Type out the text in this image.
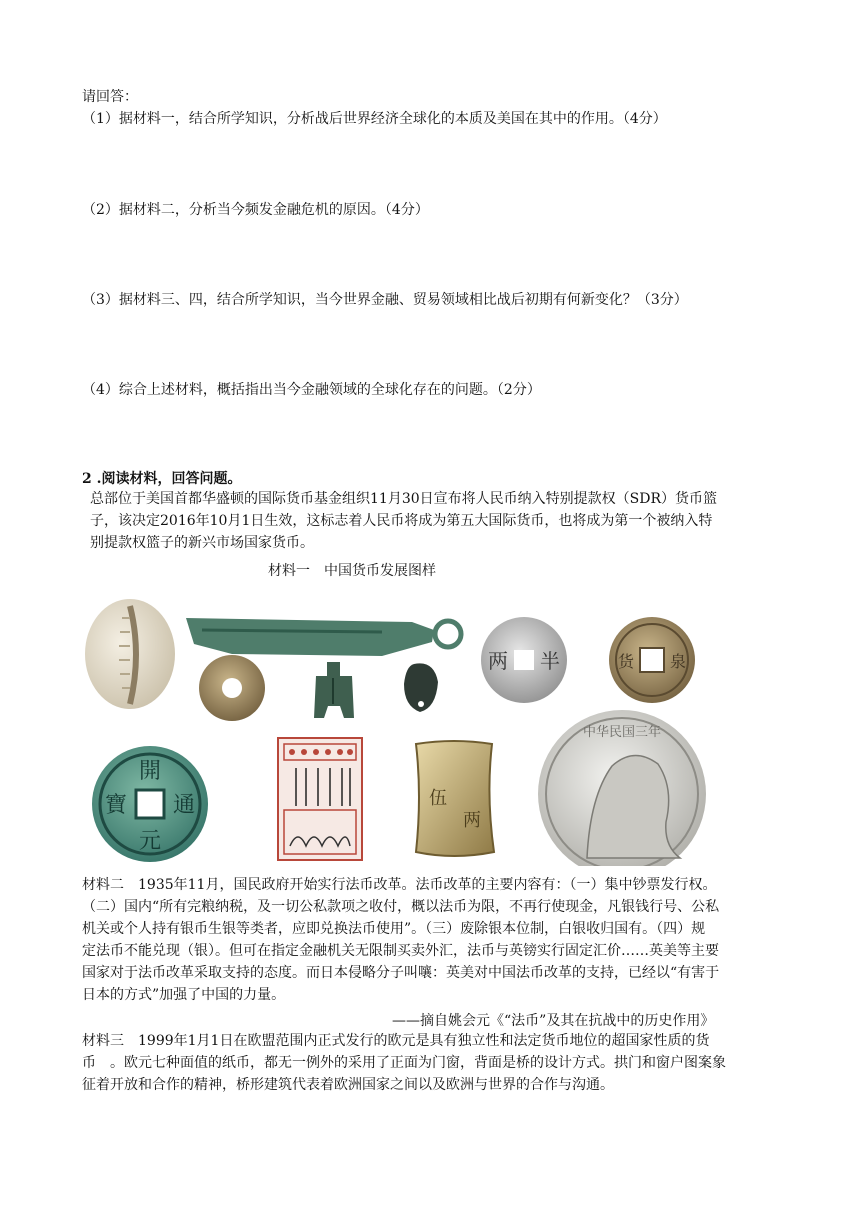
请回答：
（1）据材料一，结合所学知识，分析战后世界经济全球化的本质及美国在其中的作用。（4分）
（2）据材料二，分析当今频发金融危机的原因。（4分）
（3）据材料三、四，结合所学知识，当今世界金融、贸易领域相比战后初期有何新变化？（3分）
（4）综合上述材料，概括指出当今金融领域的全球化存在的问题。（2分）
2 .阅读材料，回答问题。
总部位于美国首都华盛顿的国际货币基金组织11月30日宣布将人民币纳入特别提款权（SDR）货币篮
子，该决定2016年10月1日生效，这标志着人民币将成为第五大国际货币，也将成为第一个被纳入特
别提款权篮子的新兴市场国家货币。
材料一　中国货币发展图样
两 半	货 泉
開
元
通
寶	伍
两
中华民国三年
材料二　1935年11月，国民政府开始实行法币改革。法币改革的主要内容有：（一）集中钞票发行权。
（二）国内“所有完粮纳税，及一切公私款项之收付，概以法币为限，不再行使现金，凡银钱行号、公私
机关或个人持有银币生银等类者，应即兑换法币使用”。（三）废除银本位制，白银收归国有。（四）规
定法币不能兑现（银）。但可在指定金融机关无限制买卖外汇，法币与英镑实行固定汇价……英美等主要
国家对于法币改革采取支持的态度。而日本侵略分子叫嚷：英美对中国法币改革的支持，已经以“有害于
日本的方式”加强了中国的力量。
——摘自姚会元《“法币”及其在抗战中的历史作用》
材料三　1999年1月1日在欧盟范围内正式发行的欧元是具有独立性和法定货币地位的超国家性质的货
币　。欧元七种面值的纸币，都无一例外的采用了正面为门窗，背面是桥的设计方式。拱门和窗户图案象
征着开放和合作的精神，桥形建筑代表着欧洲国家之间以及欧洲与世界的合作与沟通。
